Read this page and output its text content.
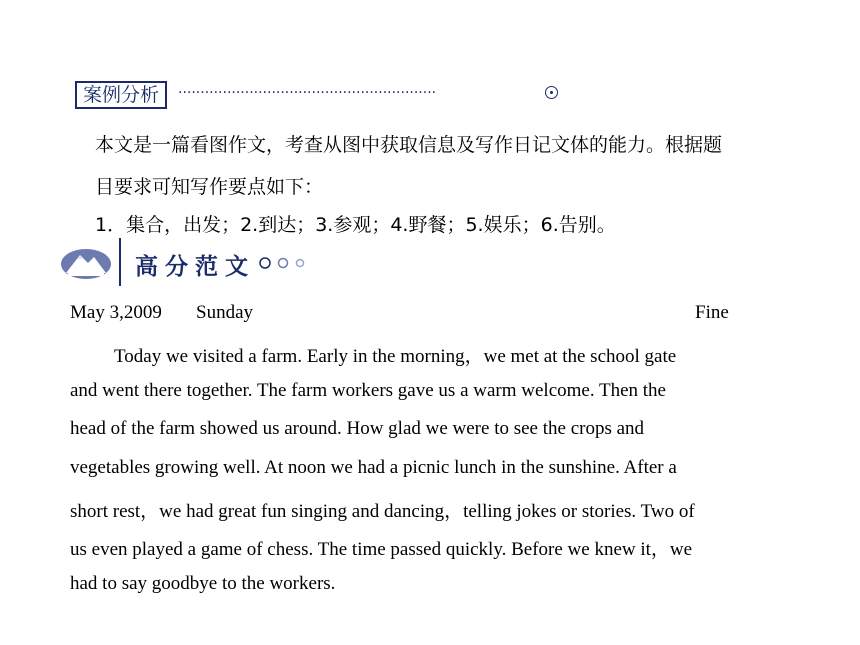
案例分析	··························································
本文是一篇看图作文，考查从图中获取信息及写作日记文体的能力。根据题
目要求可知写作要点如下：
1．集合，出发；2.到达；3.参观；4.野餐；5.娱乐；6.告别。
高分范文
May 3,2009 Sunday	Fine
Today we visited a farm. Early in the morning，we met at the school gate
and went there together. The farm workers gave us a warm welcome. Then the
head of the farm showed us around. How glad we were to see the crops and
vegetables growing well. At noon we had a picnic lunch in the sunshine. After a
short rest，we had great fun singing and dancing，telling jokes or stories. Two of
us even played a game of chess. The time passed quickly. Before we knew it，we
had to say goodbye to the workers.
